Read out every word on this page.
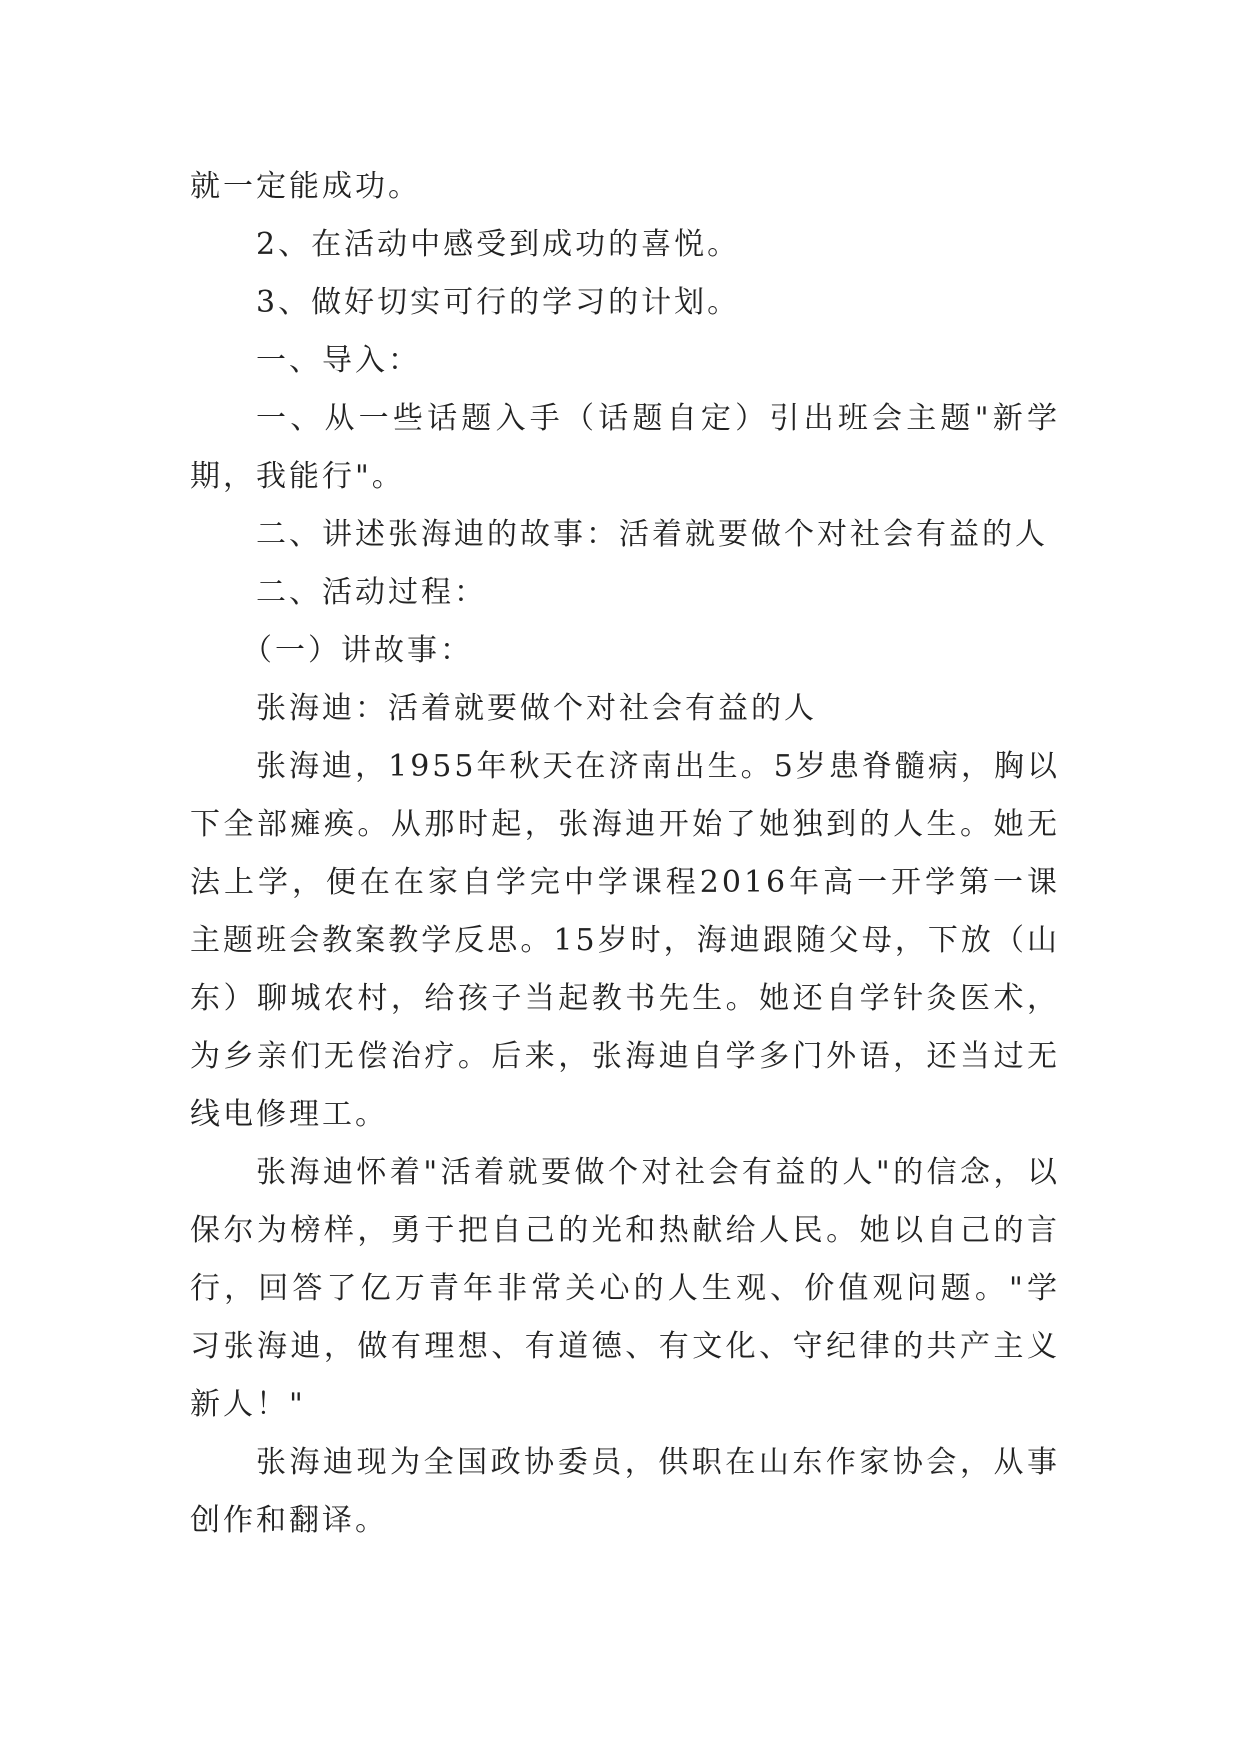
就一定能成功。

2、在活动中感受到成功的喜悦。

3、做好切实可行的学习的计划。

一、导入：

一、从一些话题入手（话题自定）引出班会主题"新学期，我能行"。

二、讲述张海迪的故事：活着就要做个对社会有益的人

二、活动过程：

（一）讲故事：

张海迪：活着就要做个对社会有益的人

张海迪，1955年秋天在济南出生。5岁患脊髓病，胸以下全部瘫痪。从那时起，张海迪开始了她独到的人生。她无法上学，便在在家自学完中学课程2016年高一开学第一课主题班会教案教学反思。15岁时，海迪跟随父母，下放（山东）聊城农村，给孩子当起教书先生。她还自学针灸医术，为乡亲们无偿治疗。后来，张海迪自学多门外语，还当过无线电修理工。

张海迪怀着"活着就要做个对社会有益的人"的信念，以保尔为榜样，勇于把自己的光和热献给人民。她以自己的言行，回答了亿万青年非常关心的人生观、价值观问题。"学习张海迪，做有理想、有道德、有文化、守纪律的共产主义新人！"

张海迪现为全国政协委员，供职在山东作家协会，从事创作和翻译。
